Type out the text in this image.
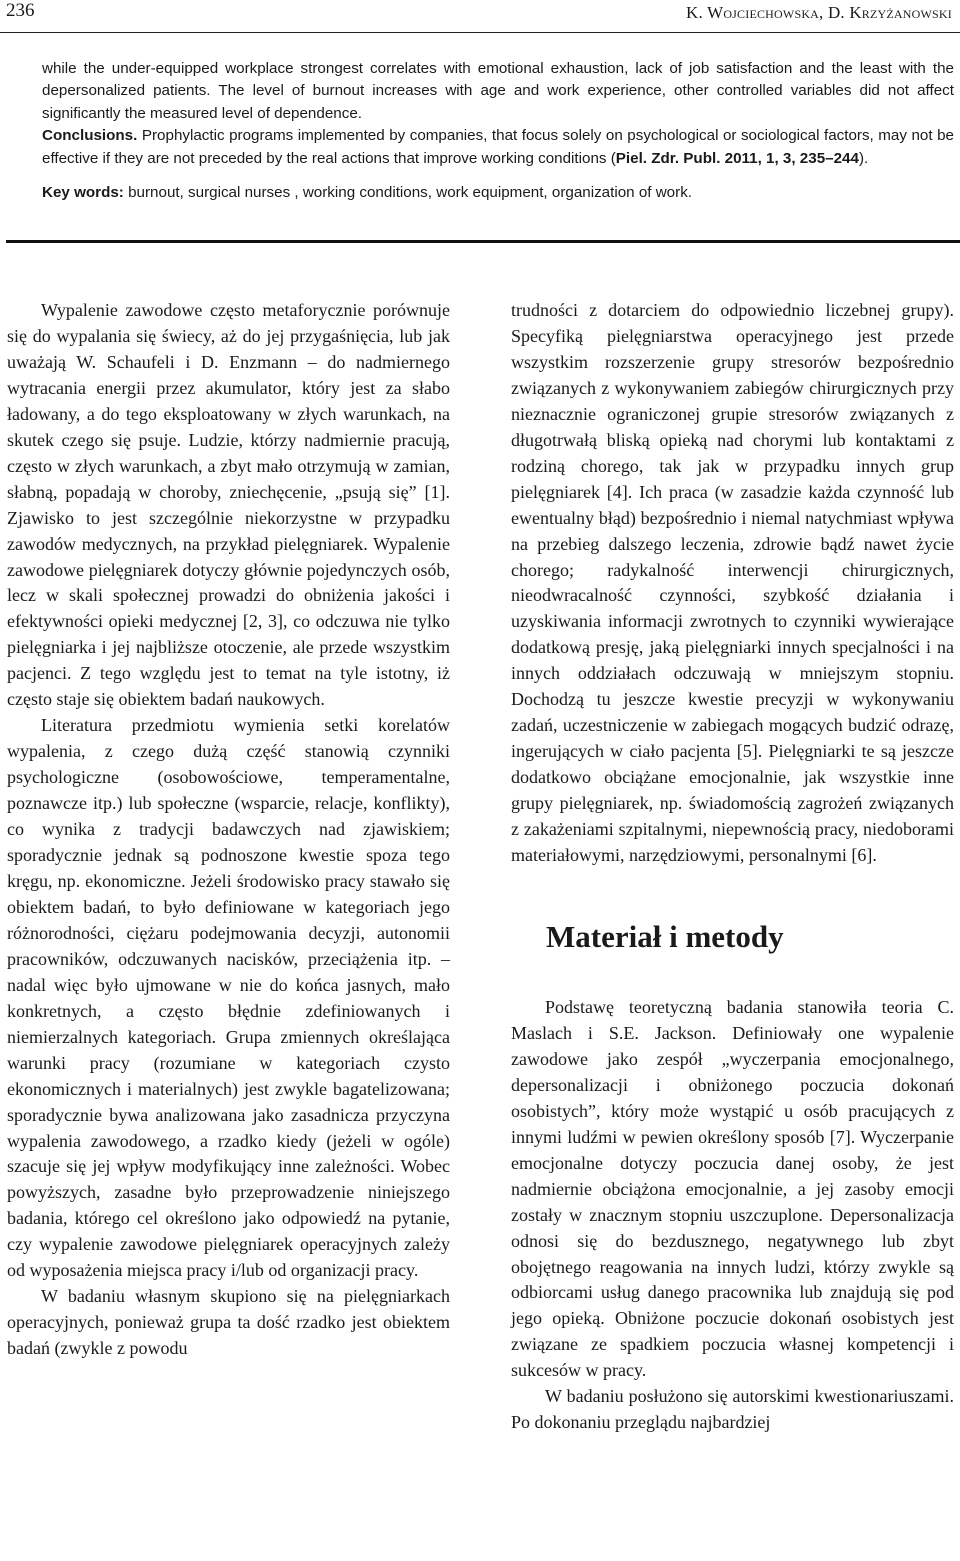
236	K. Wojciechowska, D. Krzyżanowski

while the under-equipped workplace strongest correlates with emotional exhaustion, lack of job satisfaction and the least with the depersonalized patients. The level of burnout increases with age and work experience, other controlled variables did not affect significantly the measured level of dependence.
Conclusions. Prophylactic programs implemented by companies, that focus solely on psychological or sociological factors, may not be effective if they are not preceded by the real actions that improve working conditions (Piel. Zdr. Publ. 2011, 1, 3, 235–244).

Key words: burnout, surgical nurses , working conditions, work equipment, organization of work.

Wypalenie zawodowe często metaforycznie porównuje się do wypalania się świecy, aż do jej przygaśnięcia, lub jak uważają W. Schaufeli i D. Enzmann – do nadmiernego wytracania energii przez akumulator, który jest za słabo ładowany, a do tego eksploatowany w złych warunkach, na skutek czego się psuje. Ludzie, którzy nadmiernie pracują, często w złych warunkach, a zbyt mało otrzymują w zamian, słabną, popadają w choroby, zniechęcenie, „psują się” [1]. Zjawisko to jest szczególnie niekorzystne w przypadku zawodów medycznych, na przykład pielęgniarek. Wypalenie zawodowe pielęgniarek dotyczy głównie pojedynczych osób, lecz w skali społecznej prowadzi do obniżenia jakości i efektywności opieki medycznej [2, 3], co odczuwa nie tylko pielęgniarka i jej najbliższe otoczenie, ale przede wszystkim pacjenci. Z tego względu jest to temat na tyle istotny, iż często staje się obiektem badań naukowych.

Literatura przedmiotu wymienia setki korelatów wypalenia, z czego dużą część stanowią czynniki psychologiczne (osobowościowe, temperamentalne, poznawcze itp.) lub społeczne (wsparcie, relacje, konflikty), co wynika z tradycji badawczych nad zjawiskiem; sporadycznie jednak są podnoszone kwestie spoza tego kręgu, np. ekonomiczne. Jeżeli środowisko pracy stawało się obiektem badań, to było definiowane w kategoriach jego różnorodności, ciężaru podejmowania decyzji, autonomii pracowników, odczuwanych nacisków, przeciążenia itp. – nadal więc było ujmowane w nie do końca jasnych, mało konkretnych, a często błędnie zdefiniowanych i niemierzalnych kategoriach. Grupa zmiennych określająca warunki pracy (rozumiane w kategoriach czysto ekonomicznych i materialnych) jest zwykle bagatelizowana; sporadycznie bywa analizowana jako zasadnicza przyczyna wypalenia zawodowego, a rzadko kiedy (jeżeli w ogóle) szacuje się jej wpływ modyfikujący inne zależności. Wobec powyższych, zasadne było przeprowadzenie niniejszego badania, którego cel określono jako odpowiedź na pytanie, czy wypalenie zawodowe pielęgniarek operacyjnych zależy od wyposażenia miejsca pracy i/lub od organizacji pracy.

W badaniu własnym skupiono się na pielęgniarkach operacyjnych, ponieważ grupa ta dość rzadko jest obiektem badań (zwykle z powodu

trudności z dotarciem do odpowiednio liczebnej grupy). Specyfiką pielęgniarstwa operacyjnego jest przede wszystkim rozszerzenie grupy stresorów bezpośrednio związanych z wykonywaniem zabiegów chirurgicznych przy nieznacznie ograniczonej grupie stresorów związanych z długotrwałą bliską opieką nad chorymi lub kontaktami z rodziną chorego, tak jak w przypadku innych grup pielęgniarek [4]. Ich praca (w zasadzie każda czynność lub ewentualny błąd) bezpośrednio i niemal natychmiast wpływa na przebieg dalszego leczenia, zdrowie bądź nawet życie chorego; radykalność interwencji chirurgicznych, nieodwracalność czynności, szybkość działania i uzyskiwania informacji zwrotnych to czynniki wywierające dodatkową presję, jaką pielęgniarki innych specjalności i na innych oddziałach odczuwają w mniejszym stopniu. Dochodzą tu jeszcze kwestie precyzji w wykonywaniu zadań, uczestniczenie w zabiegach mogących budzić odrazę, ingerujących w ciało pacjenta [5]. Pielęgniarki te są jeszcze dodatkowo obciążane emocjonalnie, jak wszystkie inne grupy pielęgniarek, np. świadomością zagrożeń związanych z zakażeniami szpitalnymi, niepewnością pracy, niedoborami materiałowymi, narzędziowymi, personalnymi [6].

Materiał i metody

Podstawę teoretyczną badania stanowiła teoria C. Maslach i S.E. Jackson. Definiowały one wypalenie zawodowe jako zespół „wyczerpania emocjonalnego, depersonalizacji i obniżonego poczucia dokonań osobistych”, który może wystąpić u osób pracujących z innymi ludźmi w pewien określony sposób [7]. Wyczerpanie emocjonalne dotyczy poczucia danej osoby, że jest nadmiernie obciążona emocjonalnie, a jej zasoby emocji zostały w znacznym stopniu uszczuplone. Depersonalizacja odnosi się do bezdusznego, negatywnego lub zbyt obojętnego reagowania na innych ludzi, którzy zwykle są odbiorcami usług danego pracownika lub znajdują się pod jego opieką. Obniżone poczucie dokonań osobistych jest związane ze spadkiem poczucia własnej kompetencji i sukcesów w pracy.

W badaniu posłużono się autorskimi kwestionariuszami. Po dokonaniu przeglądu najbardziej
